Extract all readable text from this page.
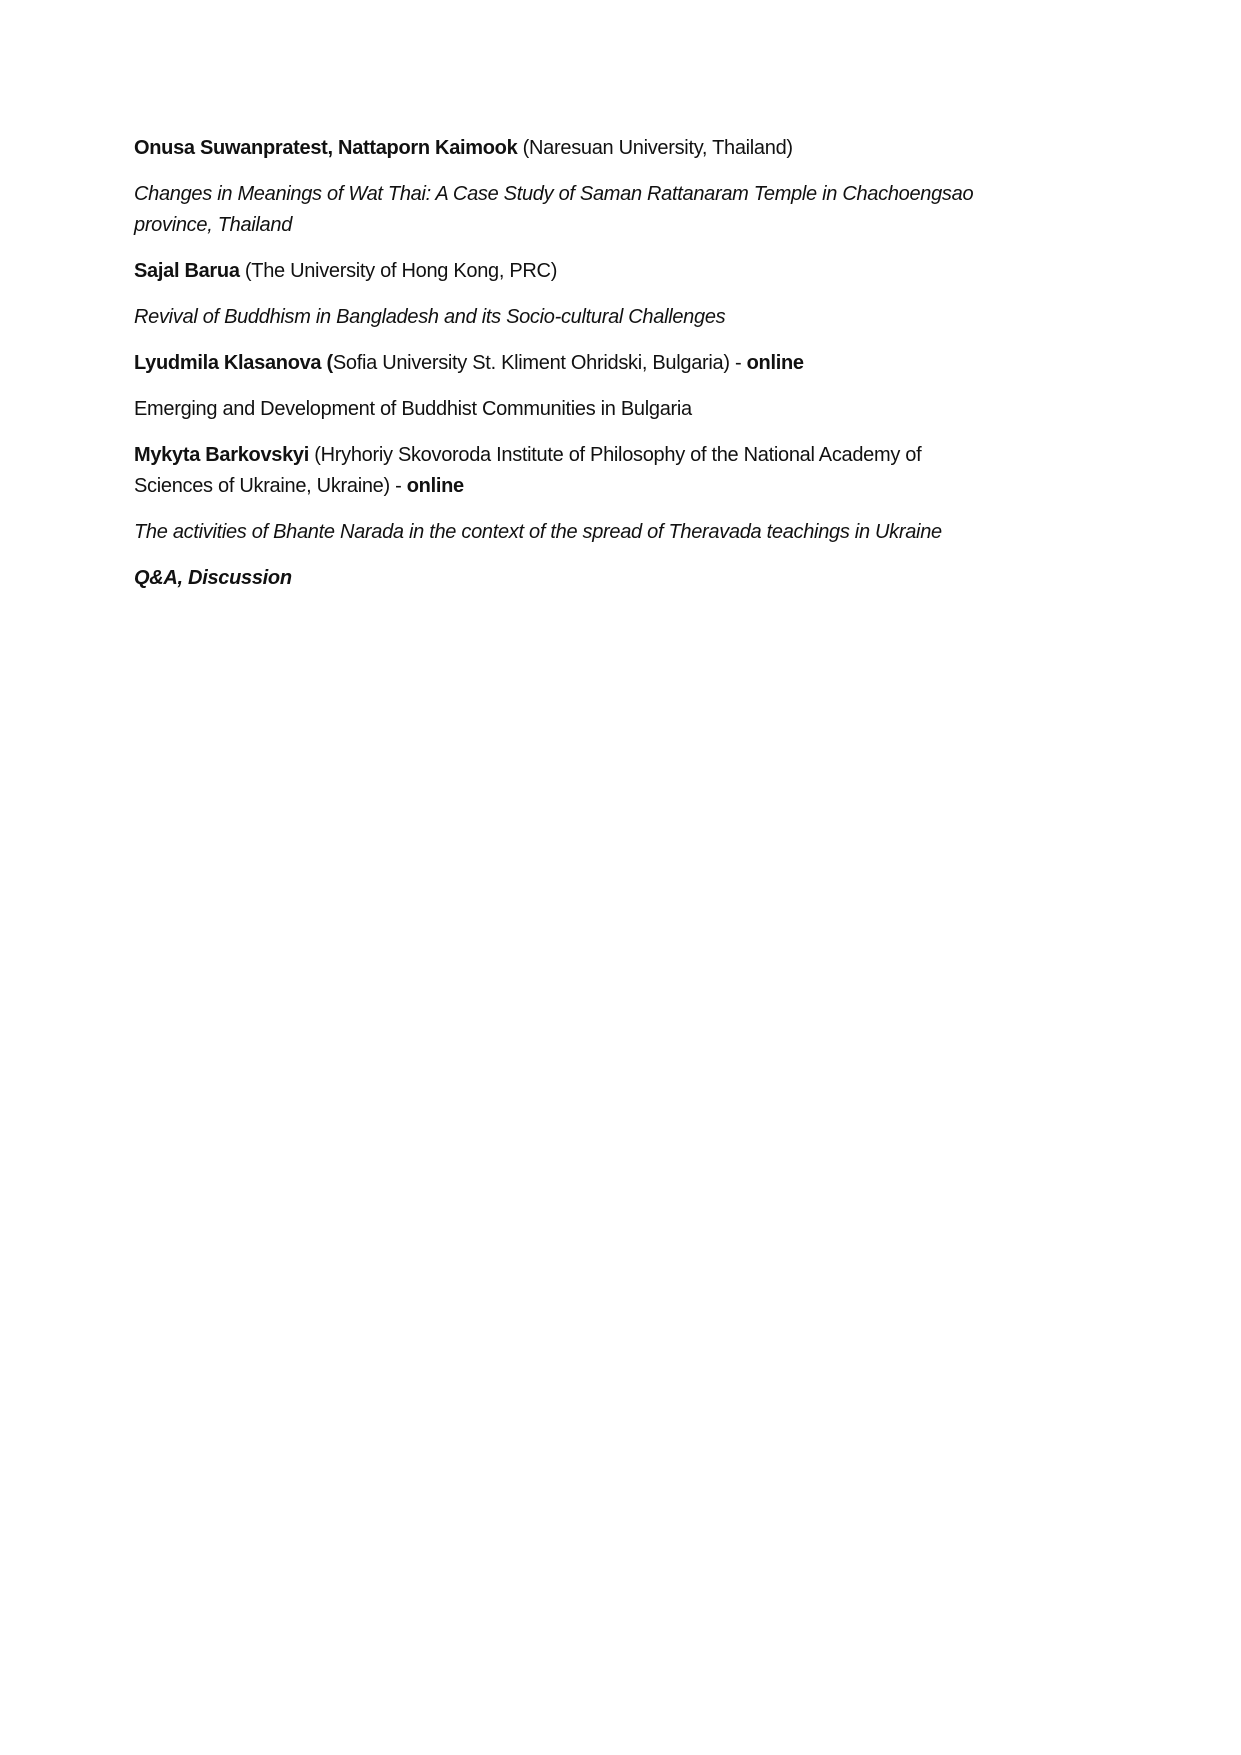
Onusa Suwanpratest, Nattaporn Kaimook (Naresuan University, Thailand)

Changes in Meanings of Wat Thai: A Case Study of Saman Rattanaram Temple in Chachoengsao province, Thailand

Sajal Barua (The University of Hong Kong, PRC)

Revival of Buddhism in Bangladesh and its Socio-cultural Challenges

Lyudmila Klasanova (Sofia University St. Kliment Ohridski, Bulgaria) - online

Emerging and Development of Buddhist Communities in Bulgaria

Mykyta Barkovskyi (Hryhoriy Skovoroda Institute of Philosophy of the National Academy of Sciences of Ukraine, Ukraine) - online

The activities of Bhante Narada in the context of the spread of Theravada teachings in Ukraine

Q&A, Discussion
